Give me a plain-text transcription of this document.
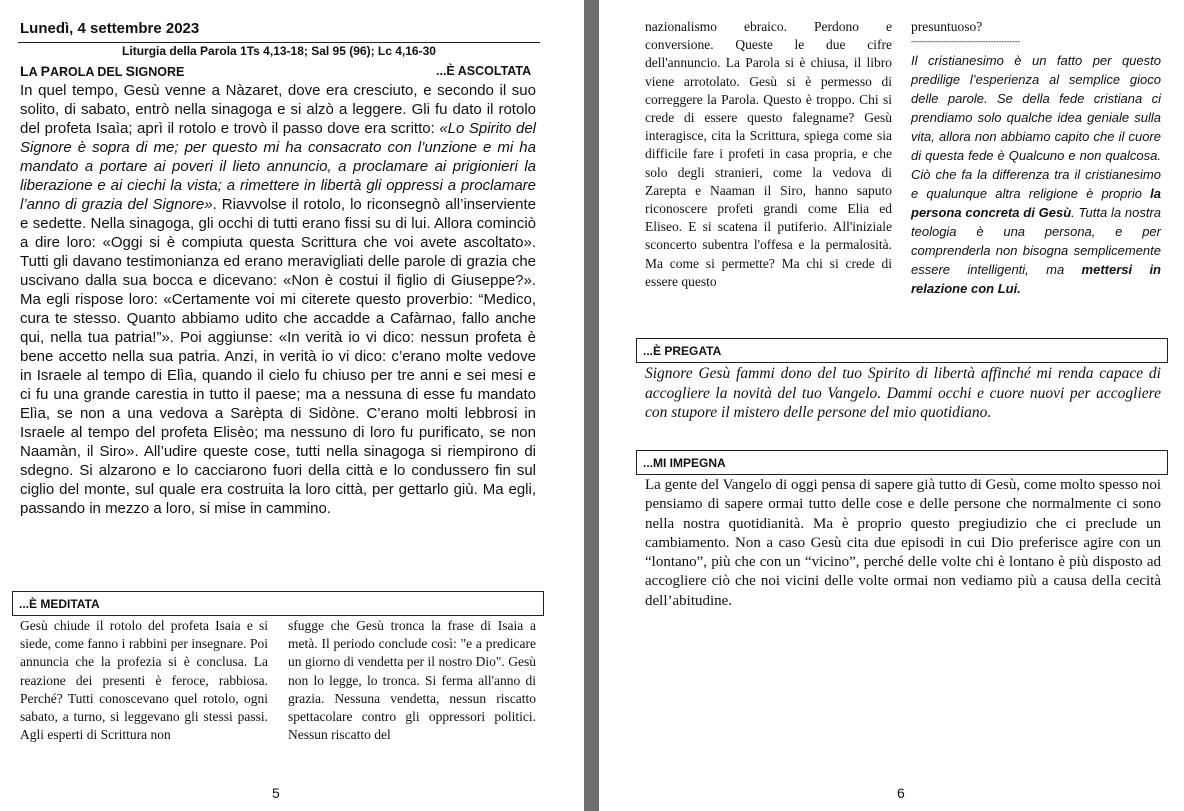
Lunedì, 4 settembre 2023
Liturgia della Parola 1Ts 4,13-18; Sal 95 (96); Lc 4,16-30
LA PAROLA DEL SIGNORE	...È ASCOLTATA
In quel tempo, Gesù venne a Nàzaret, dove era cresciuto, e secondo il suo solito, di sabato, entrò nella sinagoga e si alzò a leggere. Gli fu dato il rotolo del profeta Isaìa; aprì il rotolo e trovò il passo dove era scritto: «Lo Spirito del Signore è sopra di me; per questo mi ha consacrato con l’unzione e mi ha mandato a portare ai poveri il lieto annuncio, a proclamare ai prigionieri la liberazione e ai ciechi la vista; a rimettere in libertà gli oppressi a proclamare l’anno di grazia del Signore». Riavvolse il rotolo, lo riconsegnò all’inserviente e sedette. Nella sinagoga, gli occhi di tutti erano fissi su di lui. Allora cominciò a dire loro: «Oggi si è compiuta questa Scrittura che voi avete ascoltato». Tutti gli davano testimonianza ed erano meravigliati delle parole di grazia che uscivano dalla sua bocca e dicevano: «Non è costui il figlio di Giuseppe?». Ma egli rispose loro: «Certamente voi mi citerete questo proverbio: “Medico, cura te stesso. Quanto abbiamo udito che accadde a Cafàrnao, fallo anche qui, nella tua patria!”». Poi aggiunse: «In verità io vi dico: nessun profeta è bene accetto nella sua patria. Anzi, in verità io vi dico: c’erano molte vedove in Israele al tempo di Elìa, quando il cielo fu chiuso per tre anni e sei mesi e ci fu una grande carestia in tutto il paese; ma a nessuna di esse fu mandato Elìa, se non a una vedova a Sarèpta di Sidòne. C’erano molti lebbrosi in Israele al tempo del profeta Elisèo; ma nessuno di loro fu purificato, se non Naamàn, il Siro». All’udire queste cose, tutti nella sinagoga si riempirono di sdegno. Si alzarono e lo cacciarono fuori della città e lo condussero fin sul ciglio del monte, sul quale era costruita la loro città, per gettarlo giù. Ma egli, passando in mezzo a loro, si mise in cammino.
...È MEDITATA
Gesù chiude il rotolo del profeta Isaia e si siede, come fanno i rabbini per insegnare. Poi annuncia che la profezia si è conclusa. La reazione dei presenti è feroce, rabbiosa. Perché? Tutti conoscevano quel rotolo, ogni sabato, a turno, si leggevano gli stessi passi. Agli esperti di Scrittura non
sfugge che Gesù tronca la frase di Isaia a metà. Il periodo conclude così: "e a predicare un giorno di vendetta per il nostro Dio". Gesù non lo legge, lo tronca. Si ferma all'anno di grazia. Nessuna vendetta, nessun riscatto spettacolare contro gli oppressori politici. Nessun riscatto del
5
nazionalismo ebraico. Perdono e conversione. Queste le due cifre dell'annuncio. La Parola si è chiusa, il libro viene arrotolato. Gesù si è permesso di correggere la Parola. Questo è troppo. Chi si crede di essere questo falegname? Gesù interagisce, cita la Scrittura, spiega come sia difficile fare i profeti in casa propria, e che solo degli stranieri, come la vedova di Zarepta e Naaman il Siro, hanno saputo riconoscere profeti grandi come Elia ed Eliseo. E si scatena il putiferio. All'iniziale sconcerto subentra l'offesa e la permalosità. Ma come si permette? Ma chi si crede di essere questo
presuntuoso?
-----------------------------------------
Il cristianesimo è un fatto per questo predilige l’esperienza al semplice gioco delle parole. Se della fede cristiana ci prendiamo solo qualche idea geniale sulla vita, allora non abbiamo capito che il cuore di questa fede è Qualcuno e non qualcosa. Ciò che fa la differenza tra il cristianesimo e qualunque altra religione è proprio la persona concreta di Gesù. Tutta la nostra teologia è una persona, e per comprenderla non bisogna semplicemente essere intelligenti, ma mettersi in relazione con Lui.
...È PREGATA
Signore Gesù fammi dono del tuo Spirito di libertà affinché mi renda capace di accogliere la novità del tuo Vangelo. Dammi occhi e cuore nuovi per accogliere con stupore il mistero delle persone del mio quotidiano.
...MI IMPEGNA
La gente del Vangelo di oggi pensa di sapere già tutto di Gesù, come molto spesso noi pensiamo di sapere ormai tutto delle cose e delle persone che normalmente ci sono nella nostra quotidianità. Ma è proprio questo pregiudizio che ci preclude un cambiamento. Non a caso Gesù cita due episodi in cui Dio preferisce agire con un “lontano”, più che con un “vicino”, perché delle volte chi è lontano è più disposto ad accogliere ciò che noi vicini delle volte ormai non vediamo più a causa della cecità dell’abitudine.
6
